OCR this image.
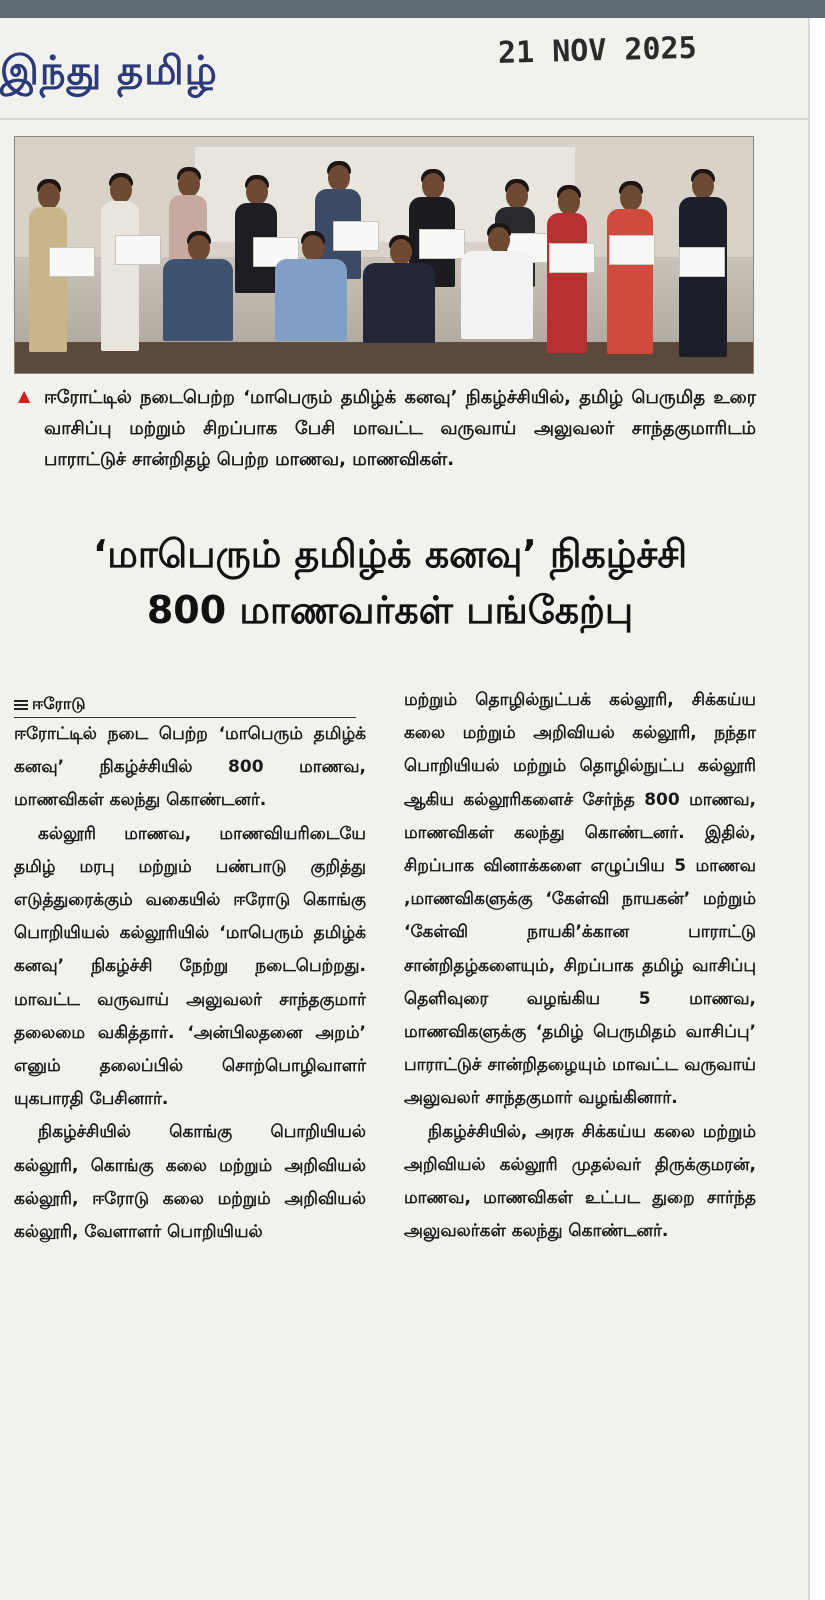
இந்து தமிழ்	21 NOV 2025
▲ ஈரோட்டில் நடைபெற்ற ‘மாபெரும் தமிழ்க் கனவு’ நிகழ்ச்சியில், தமிழ் பெருமித உரை வாசிப்பு மற்றும் சிறப்பாக பேசி மாவட்ட வருவாய் அலுவலர் சாந்தகுமாரிடம் பாராட்டுச் சான்றிதழ் பெற்ற மாணவ, மாணவிகள்.
‘மாபெரும் தமிழ்க் கனவு’ நிகழ்ச்சி
800 மாணவர்கள் பங்கேற்பு
ஈரோடு

ஈரோட்டில் நடை பெற்ற ‘மாபெரும் தமிழ்க் கனவு’ நிகழ்ச்சியில் 800 மாணவ, மாணவிகள் கலந்து கொண்டனர்.

கல்லூரி மாணவ, மாணவியரிடையே தமிழ் மரபு மற்றும் பண்பாடு குறித்து எடுத்துரைக்கும் வகையில் ஈரோடு கொங்கு பொறியியல் கல்லூரியில் ‘மாபெரும் தமிழ்க் கனவு’ நிகழ்ச்சி நேற்று நடைபெற்றது. மாவட்ட வருவாய் அலுவலர் சாந்தகுமார் தலைமை வகித்தார். ‘அன்பிலதனை அறம்’ எனும் தலைப்பில் சொற்பொழிவாளர் யுகபாரதி பேசினார்.

நிகழ்ச்சியில் கொங்கு பொறியியல் கல்லூரி, கொங்கு கலை மற்றும் அறிவியல் கல்லூரி, ஈரோடு கலை மற்றும் அறிவியல் கல்லூரி, வேளாளர் பொறியியல்

மற்றும் தொழில்நுட்பக் கல்லூரி, சிக்கய்ய கலை மற்றும் அறிவியல் கல்லூரி, நந்தா பொறியியல் மற்றும் தொழில்நுட்ப கல்லூரி ஆகிய கல்லூரிகளைச் சேர்ந்த 800 மாணவ, மாணவிகள் கலந்து கொண்டனர். இதில், சிறப்பாக வினாக்களை எழுப்பிய 5 மாணவ ,மாணவிகளுக்கு ‘கேள்வி நாயகன்’ மற்றும் ‘கேள்வி நாயகி’க்கான பாராட்டு சான்றிதழ்களையும், சிறப்பாக தமிழ் வாசிப்பு தெளிவுரை வழங்கிய 5 மாணவ, மாணவிகளுக்கு ‘தமிழ் பெருமிதம் வாசிப்பு’ பாராட்டுச் சான்றிதழையும் மாவட்ட வருவாய் அலுவலர் சாந்தகுமார் வழங்கினார்.

நிகழ்ச்சியில், அரசு சிக்கய்ய கலை மற்றும் அறிவியல் கல்லூரி முதல்வர் திருக்குமரன், மாணவ, மாணவிகள் உட்பட துறை சார்ந்த அலுவலர்கள் கலந்து கொண்டனர்.
